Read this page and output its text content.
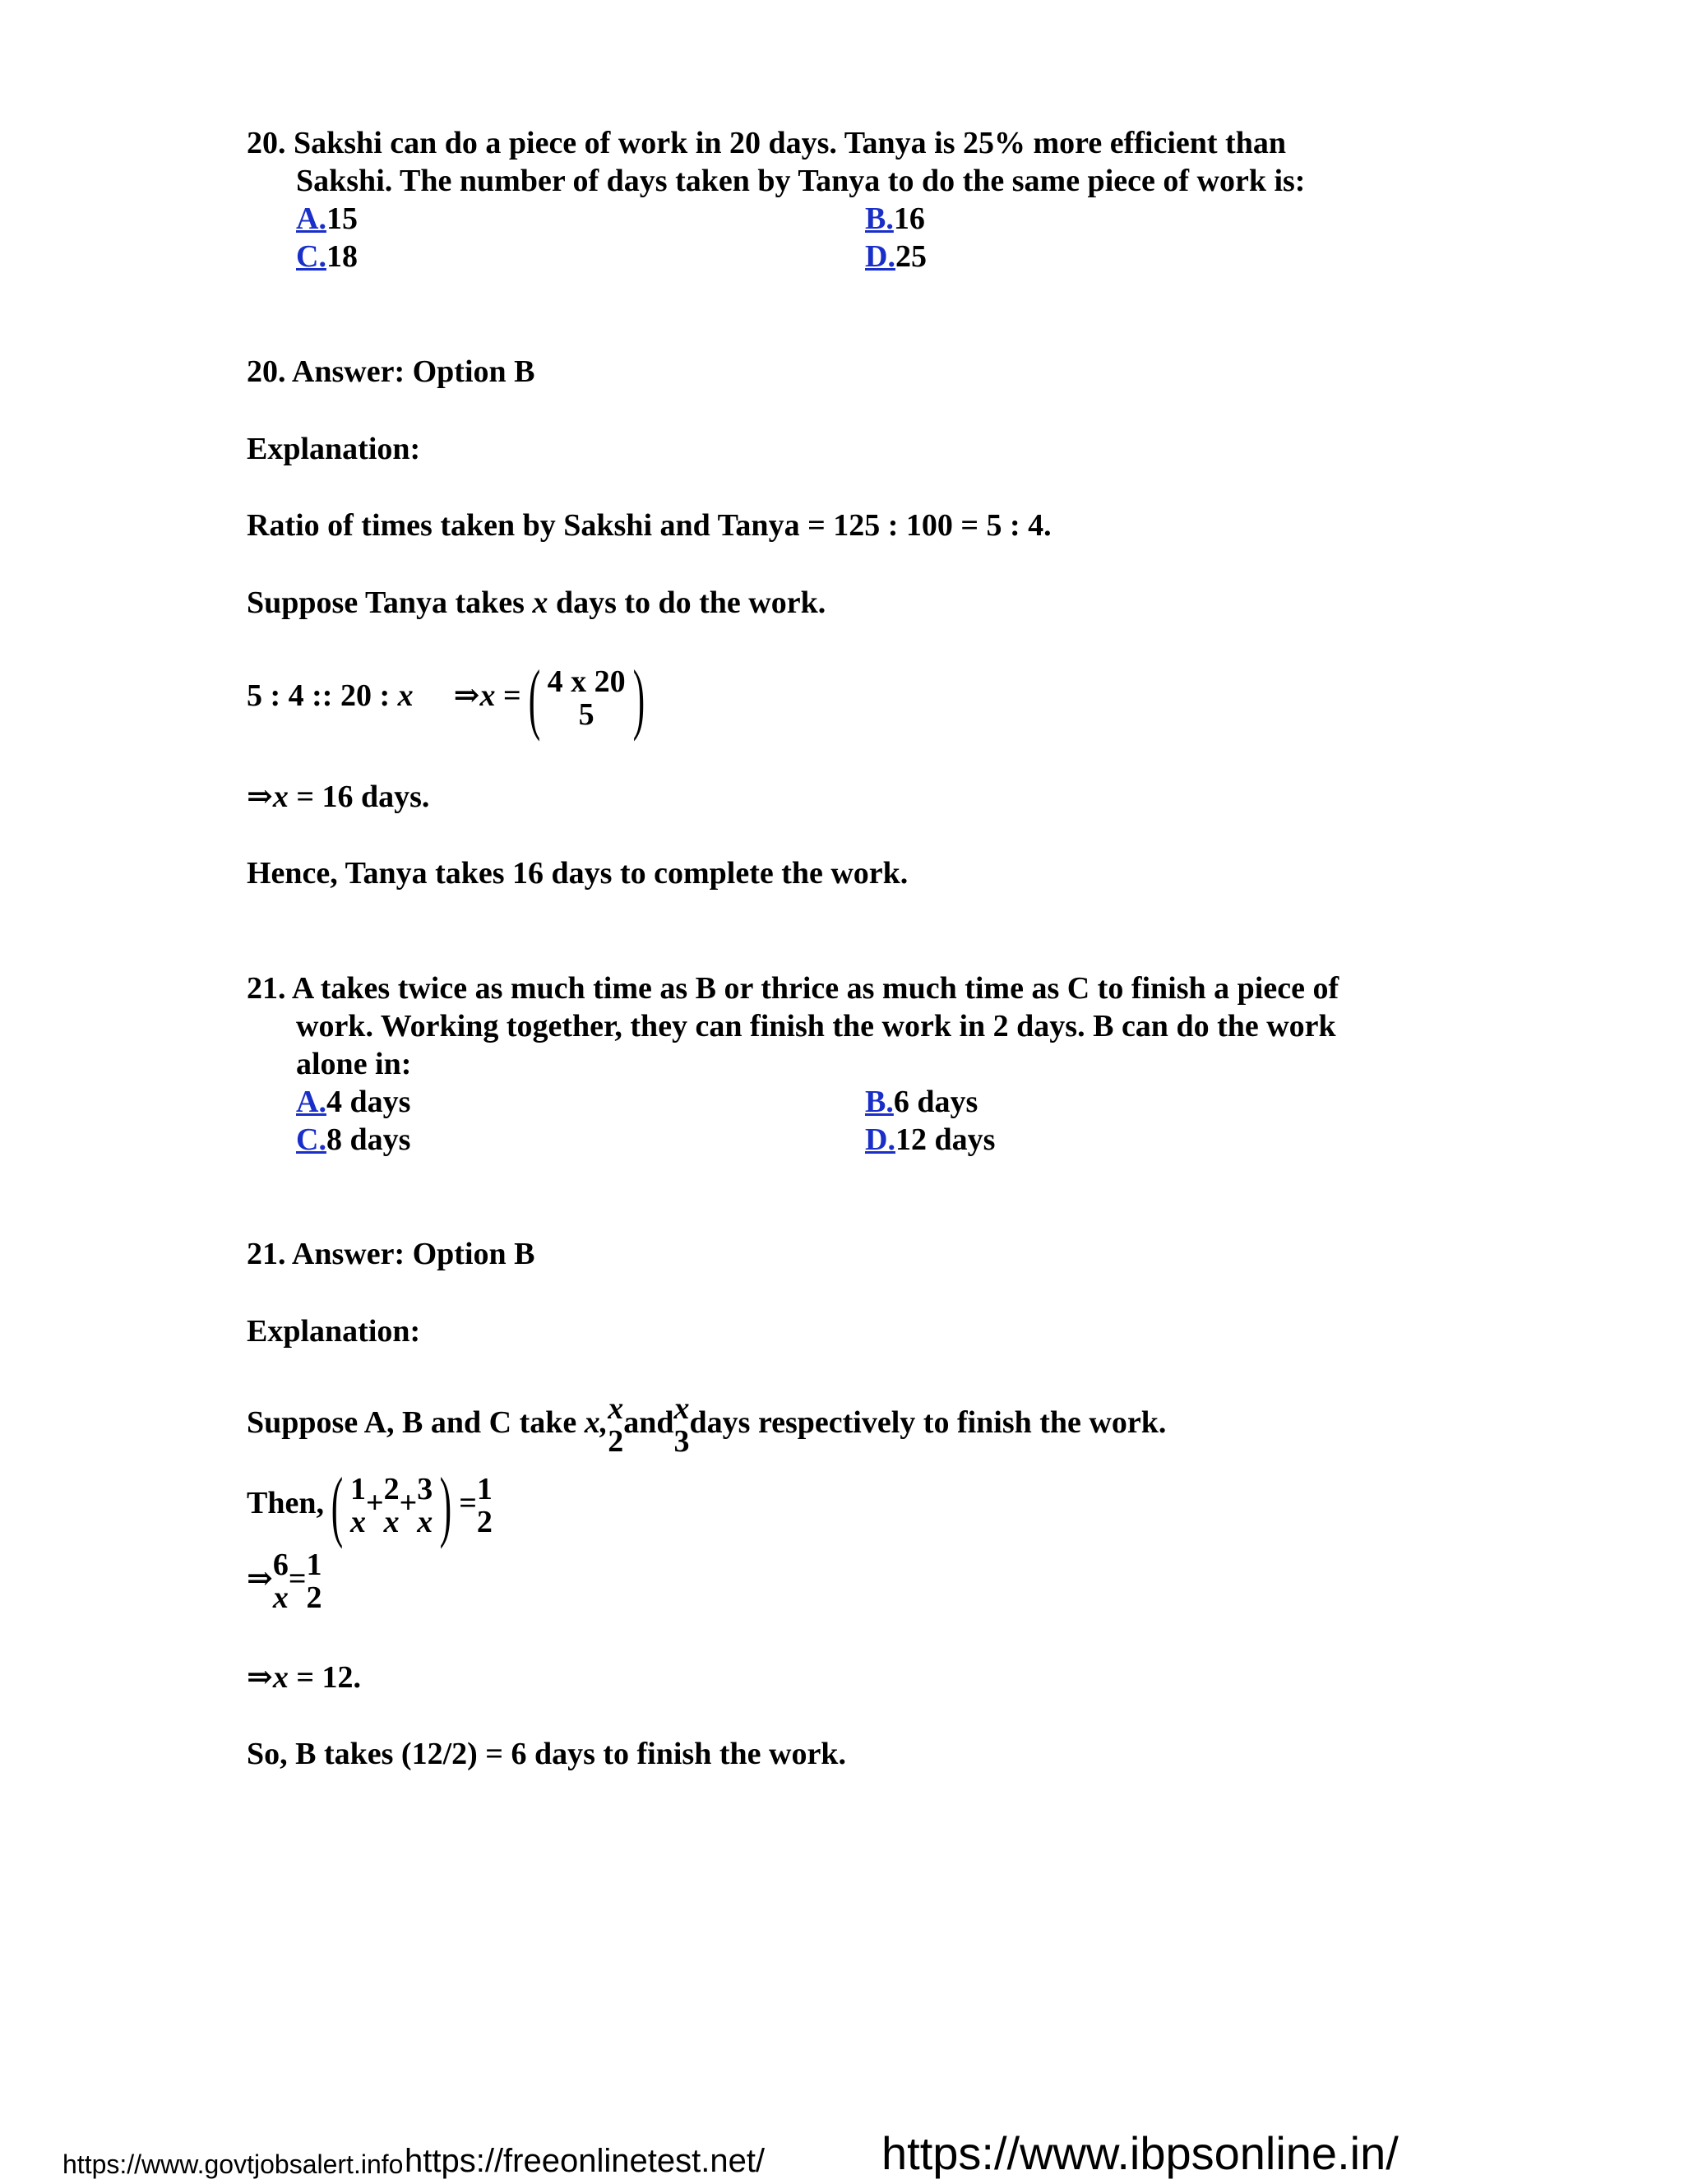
20. Sakshi can do a piece of work in 20 days. Tanya is 25% more efficient than
Sakshi. The number of days taken by Tanya to do the same piece of work is:
A.15	B.16
C.18	D.25
20. Answer: Option B
Explanation:
Ratio of times taken by Sakshi and Tanya = 125 : 100 = 5 : 4.
Suppose Tanya takes x days to do the work.
5 : 4 :: 20 : x ⇒x =( 4 x 20
5 )
⇒x = 16 days.
Hence, Tanya takes 16 days to complete the work.
21. A takes twice as much time as B or thrice as much time as C to finish a piece of
work. Working together, they can finish the work in 2 days. B can do the work
alone in:
A.4 days	B.6 days
C.8 days	D.12 days
21. Answer: Option B
Explanation:
Suppose A, B and C take x, x
2
and x
3
days respectively to finish the work.
Then,( 1
x
+ 2
x
+ 3
x ) = 1
2
⇒ 6
x
= 1
2
⇒x = 12.
So, B takes (12/2) = 6 days to finish the work.
https://www.govtjobsalert.info https://freeonlinetest.net/	https://www.ibpsonline.in/
